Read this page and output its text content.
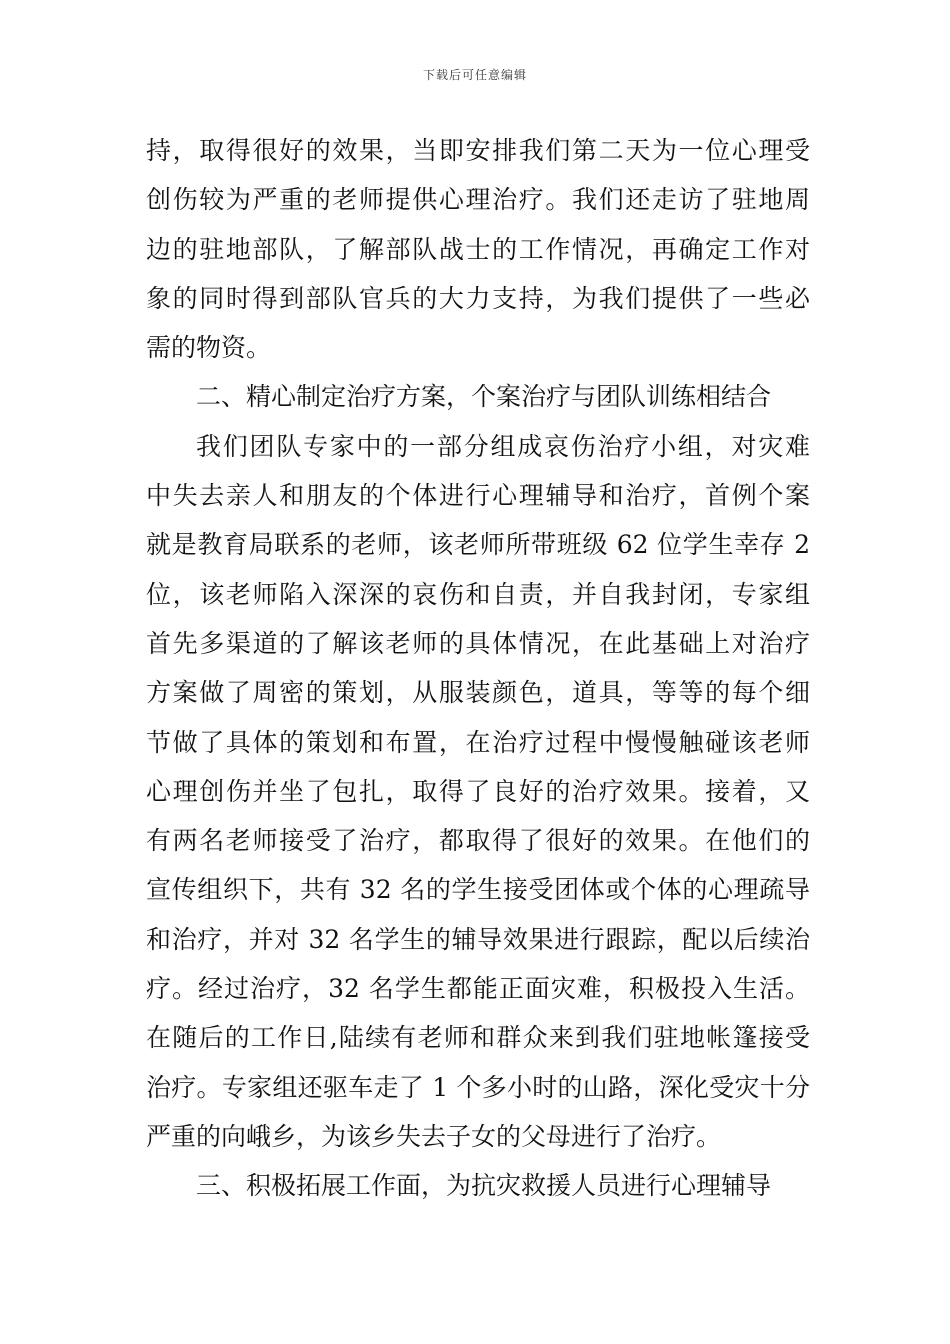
下载后可任意编辑
持，取得很好的效果，当即安排我们第二天为一位心理受
创伤较为严重的老师提供心理治疗。我们还走访了驻地周
边的驻地部队，了解部队战士的工作情况，再确定工作对
象的同时得到部队官兵的大力支持，为我们提供了一些必
需的物资。
二、精心制定治疗方案，个案治疗与团队训练相结合
我们团队专家中的一部分组成哀伤治疗小组，对灾难
中失去亲人和朋友的个体进行心理辅导和治疗，首例个案
就是教育局联系的老师，该老师所带班级 62 位学生幸存 2
位，该老师陷入深深的哀伤和自责，并自我封闭，专家组
首先多渠道的了解该老师的具体情况，在此基础上对治疗
方案做了周密的策划，从服装颜色，道具，等等的每个细
节做了具体的策划和布置，在治疗过程中慢慢触碰该老师
心理创伤并坐了包扎，取得了良好的治疗效果。接着，又
有两名老师接受了治疗，都取得了很好的效果。在他们的
宣传组织下，共有 32 名的学生接受团体或个体的心理疏导
和治疗，并对 32 名学生的辅导效果进行跟踪，配以后续治
疗。经过治疗，32 名学生都能正面灾难，积极投入生活。
在随后的工作日,陆续有老师和群众来到我们驻地帐篷接受
治疗。专家组还驱车走了 1 个多小时的山路，深化受灾十分
严重的向峨乡，为该乡失去子女的父母进行了治疗。
三、积极拓展工作面，为抗灾救援人员进行心理辅导
